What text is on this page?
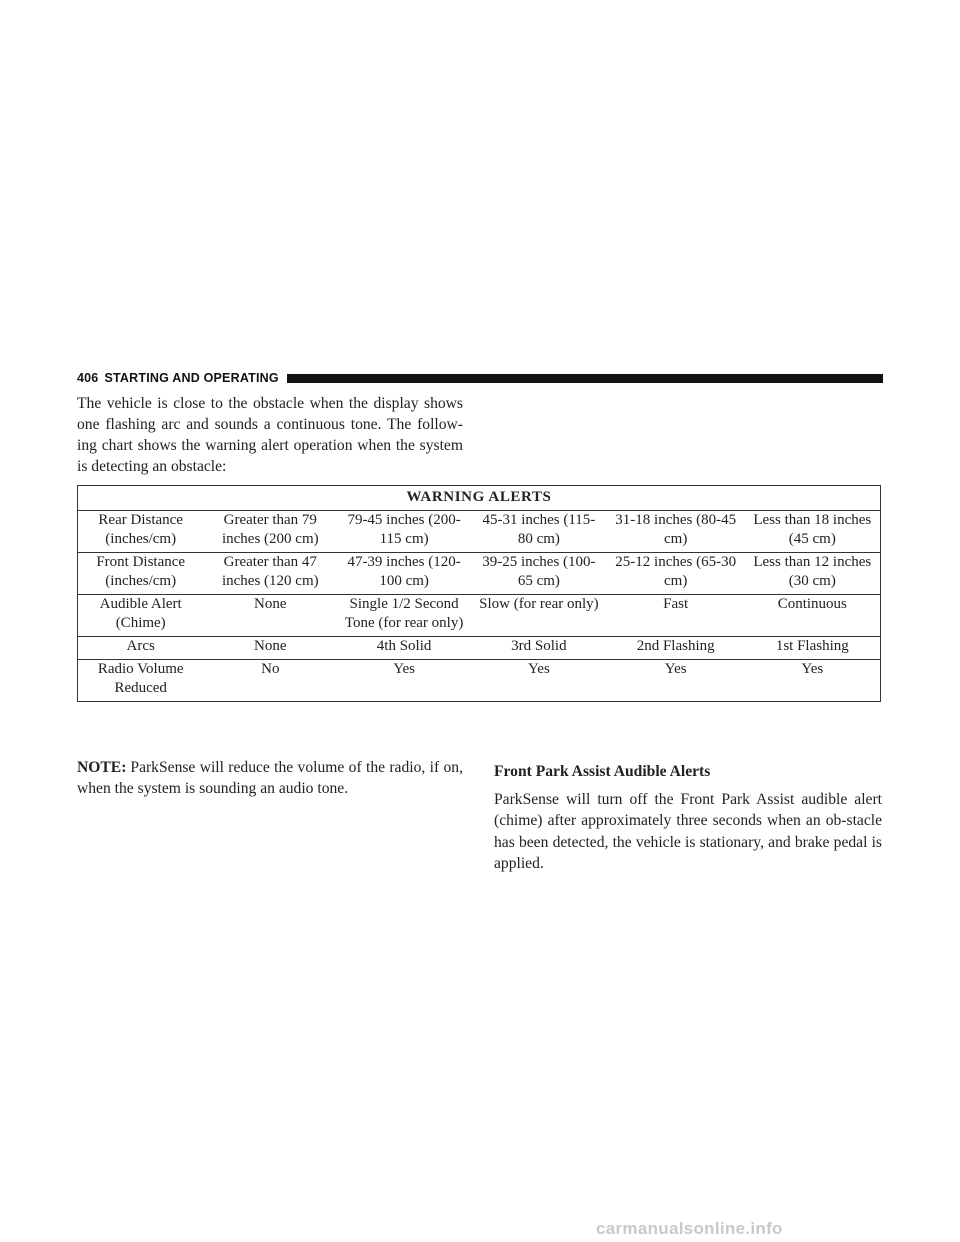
406 STARTING AND OPERATING

The vehicle is close to the obstacle when the display shows one flashing arc and sounds a continuous tone. The follow-ing chart shows the warning alert operation when the system is detecting an obstacle:

WARNING ALERTS					
Rear Distance (inches/cm)	Greater than 79 inches (200 cm)	79-45 inches (200-115 cm)	45-31 inches (115-80 cm)	31-18 inches (80-45 cm)	Less than 18 inches (45 cm)
Front Distance (inches/cm)	Greater than 47 inches (120 cm)	47-39 inches (120-100 cm)	39-25 inches (100-65 cm)	25-12 inches (65-30 cm)	Less than 12 inches (30 cm)
Audible Alert (Chime)	None	Single 1/2 Second Tone (for rear only)	Slow (for rear only)	Fast	Continuous
Arcs	None	4th Solid	3rd Solid	2nd Flashing	1st Flashing
Radio Volume Reduced	No	Yes	Yes	Yes	Yes

NOTE: ParkSense will reduce the volume of the radio, if on, when the system is sounding an audio tone.

Front Park Assist Audible Alerts

ParkSense will turn off the Front Park Assist audible alert (chime) after approximately three seconds when an ob-stacle has been detected, the vehicle is stationary, and brake pedal is applied.

carmanualsonline.info
